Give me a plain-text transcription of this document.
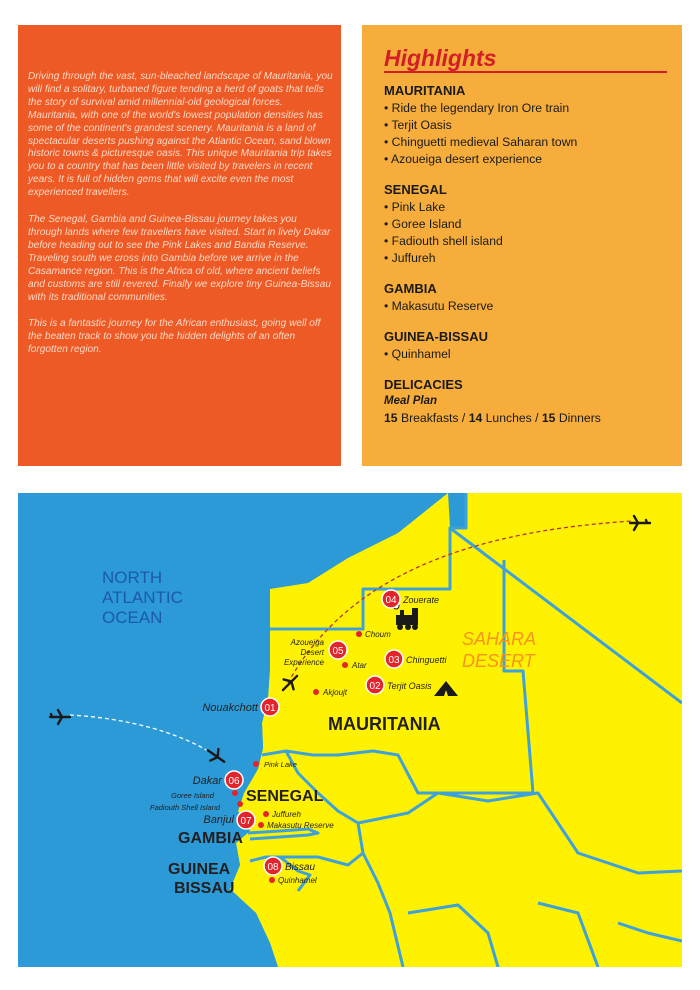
Driving through the vast, sun-bleached landscape of Mauritania, you will find a solitary, turbaned figure tending a herd of goats that tells the story of survival amid millennial-old geological forces. Mauritania, with one of the world's lowest population densities has some of the continent's grandest scenery. Mauritania is a land of spectacular deserts pushing against the Atlantic Ocean, sand blown historic towns & picturesque oasis. This unique Mauritania trip takes you to a country that has been little visited by travelers in recent years. It is full of hidden gems that will excite even the most experienced travellers.

The Senegal, Gambia and Guinea-Bissau journey takes you through lands where few travellers have visited. Start in lively Dakar before heading out to see the Pink Lakes and Bandia Reserve. Traveling south we cross into Gambia before we arrive in the Casamance region. This is the Africa of old, where ancient beliefs and customs are still revered. Finally we explore tiny Guinea-Bissau with its traditional communities.

This is a fantastic journey for the African enthusiast, going well off the beaten track to show you the hidden delights of an often forgotten region.

Highlights
MAURITANIA
• Ride the legendary Iron Ore train
• Terjit Oasis
• Chinguetti medieval Saharan town
• Azoueiga desert experience
SENEGAL
• Pink Lake
• Goree Island
• Fadiouth shell island
• Juffureh
GAMBIA
• Makasutu Reserve
GUINEA-BISSAU
• Quinhamel
DELICACIES
Meal Plan
15 Breakfasts / 14 Lunches / 15 Dinners
NORTH
ATLANTIC
OCEAN
SAHARA
DESERT
MAURITANIA
SENEGAL
GAMBIA
GUINEA
BISSAU
Choum
Atar
Akjoujt
Pink Lake
Goree Island
Fadiouth Shell Island
Juffureh
Makasutu Reserve
Quinhamel
01
Nouakchott
02 Terjit Oasis
03 Chinguetti
04 Zouerate
05
Azoueiga
Desert
Experience
06
Dakar
07
Banjul
08 Bissau
